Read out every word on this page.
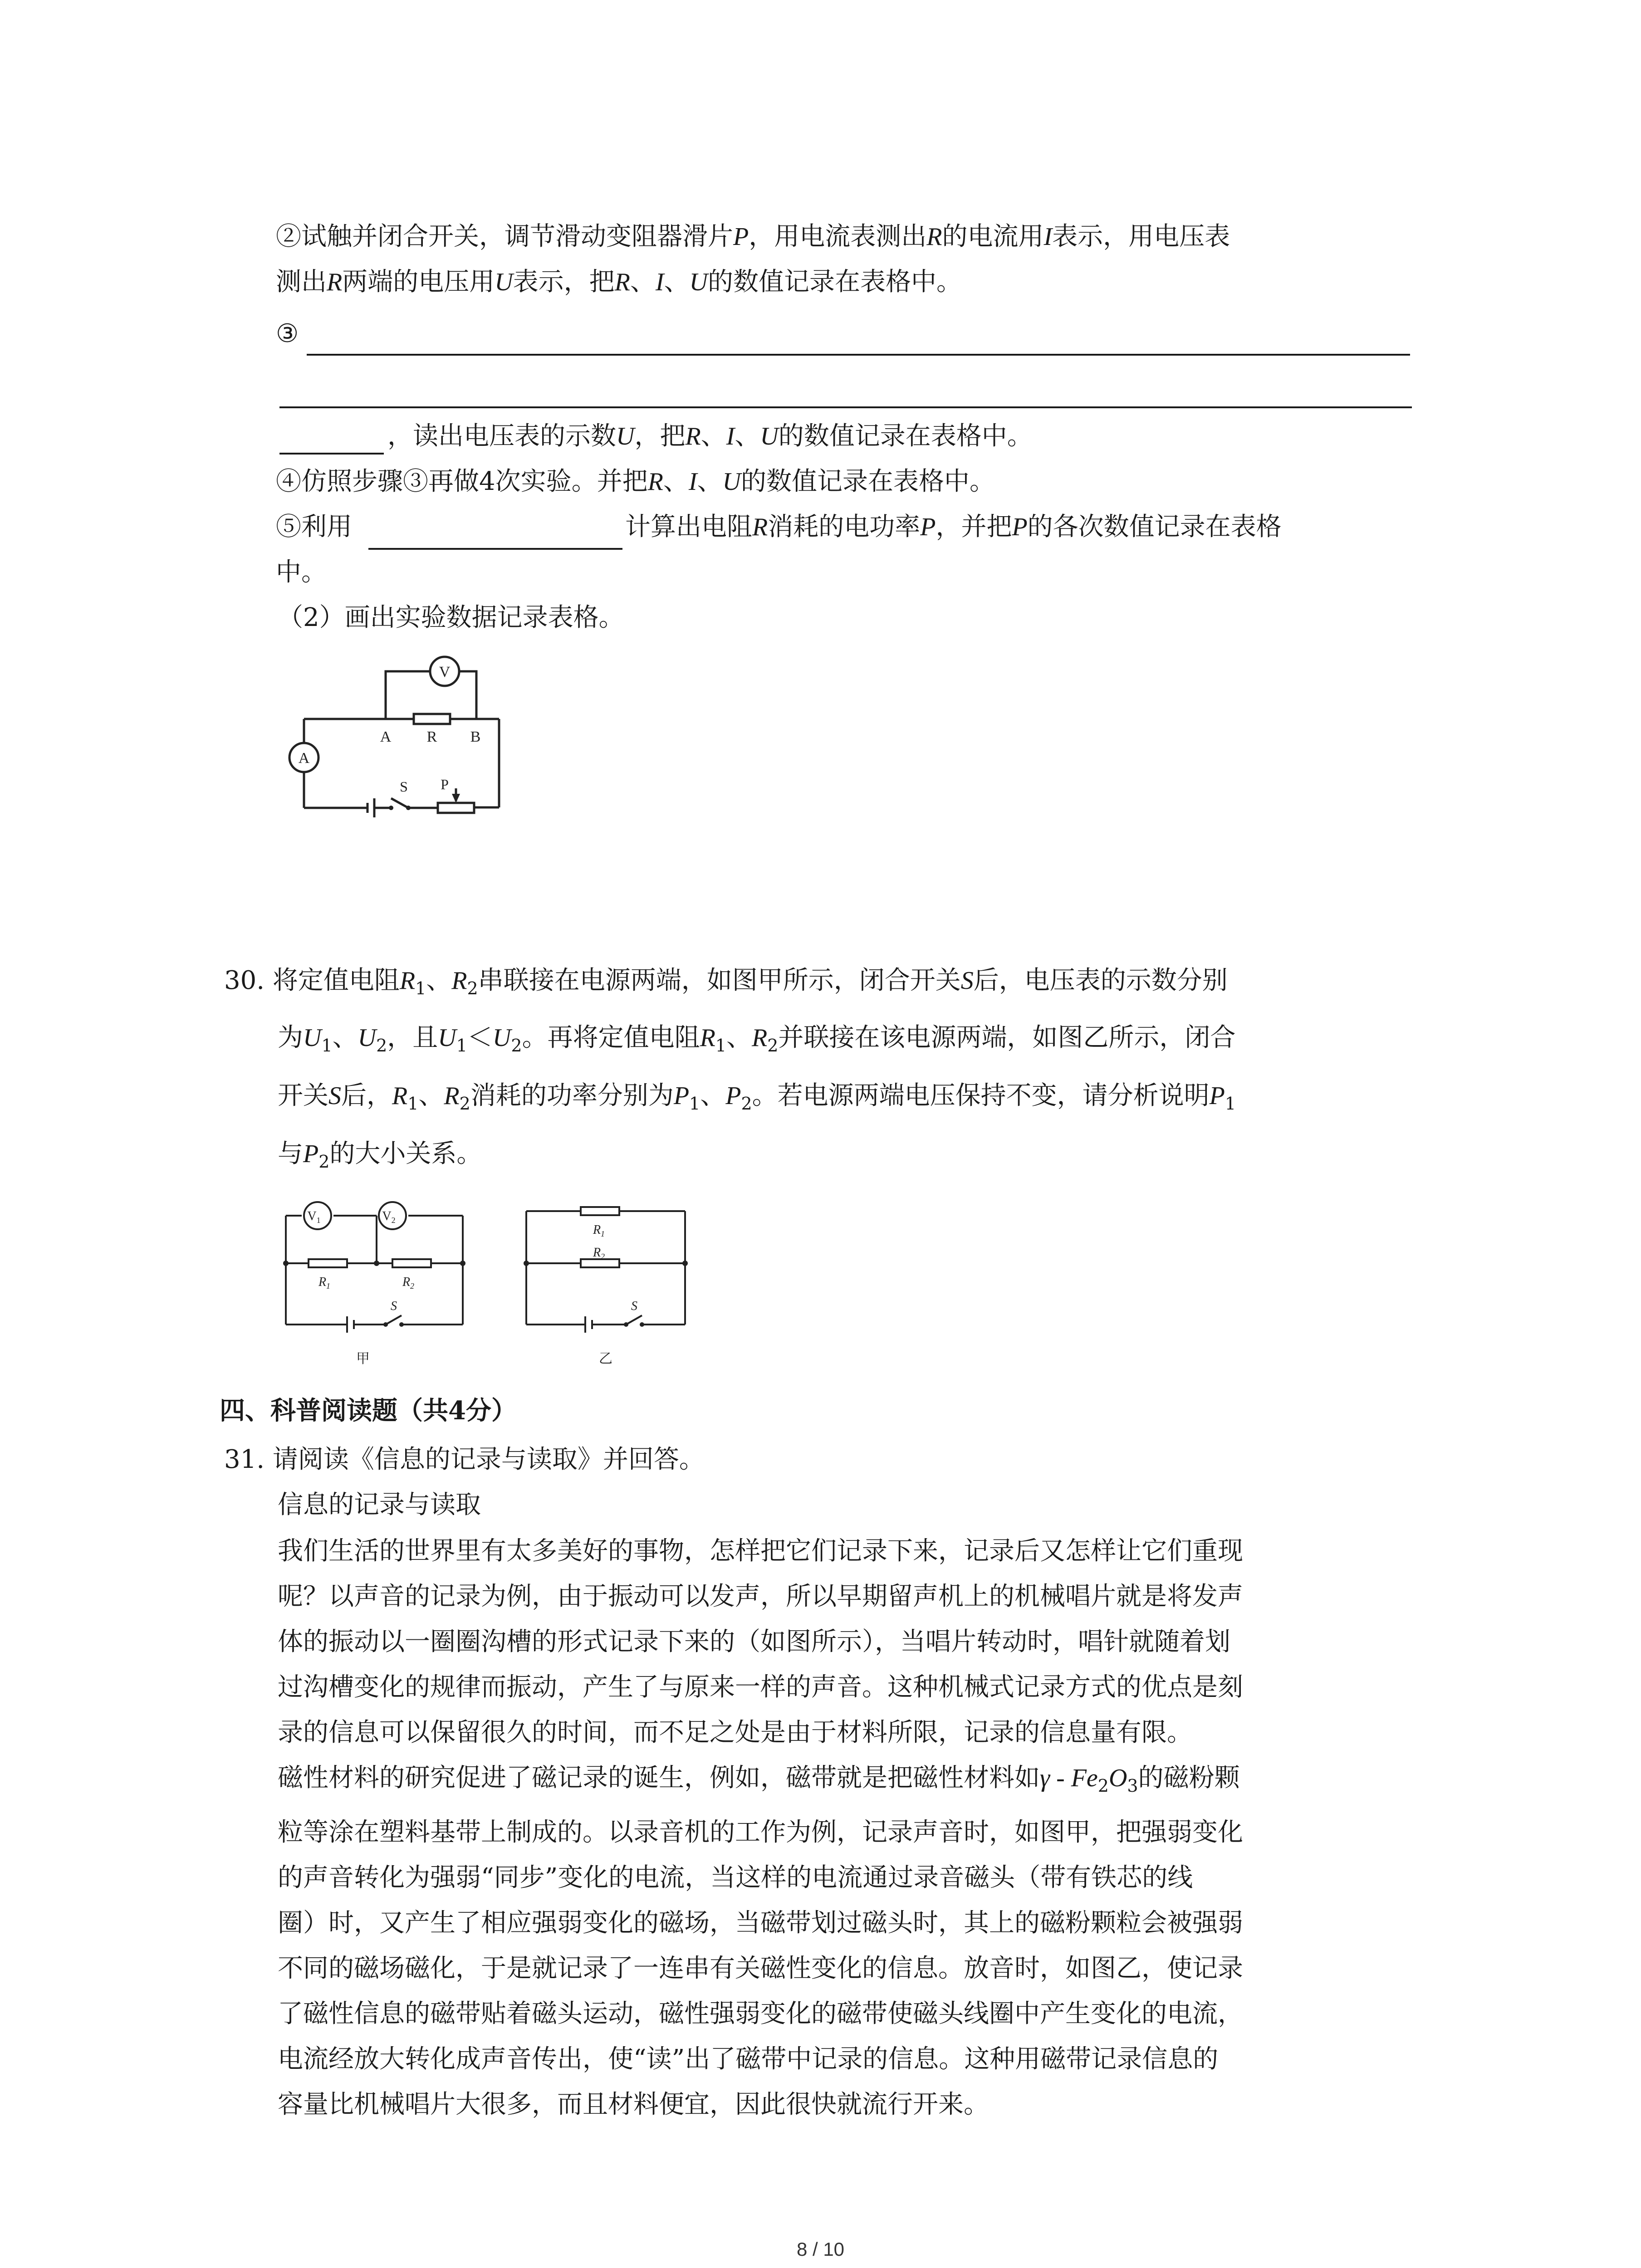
②试触并闭合开关，调节滑动变阻器滑片P，用电流表测出R的电流用I表示，用电压表
测出R两端的电压用U表示，把R、I、U的数值记录在表格中。
③
，读出电压表的示数U，把R、I、U的数值记录在表格中。
④仿照步骤③再做4次实验。并把R、I、U的数值记录在表格中。
⑤利用	计算出电阻R消耗的电功率P，并把P的各次数值记录在表格
中。
（2）画出实验数据记录表格。
V
A
A R B
S P
30. 将定值电阻$R_1$、$R_2$串联接在电源两端，如图甲所示，闭合开关S后，电压表的示数分别
为$U_1$、$U_2$，且$U_1<U_2$。再将定值电阻$R_1$、$R_2$并联接在该电源两端，如图乙所示，闭合
开关S后，$R_1$、$R_2$消耗的功率分别为$P_1$、$P_2$。若电源两端电压保持不变，请分析说明$P_1$
与$P_2$的大小关系。
$V_1$	$V_2$
$R_1$	$R_2$
S
$R_1$
$R_2$
S
甲	乙
四、科普阅读题（共4分）
31. 请阅读《信息的记录与读取》并回答。
信息的记录与读取
我们生活的世界里有太多美好的事物，怎样把它们记录下来，记录后又怎样让它们重现
呢？以声音的记录为例，由于振动可以发声，所以早期留声机上的机械唱片就是将发声
体的振动以一圈圈沟槽的形式记录下来的（如图所示），当唱片转动时，唱针就随着划
过沟槽变化的规律而振动，产生了与原来一样的声音。这种机械式记录方式的优点是刻
录的信息可以保留很久的时间，而不足之处是由于材料所限，记录的信息量有限。
磁性材料的研究促进了磁记录的诞生，例如，磁带就是把磁性材料如γ - $Fe_2O_3$的磁粉颗
粒等涂在塑料基带上制成的。以录音机的工作为例，记录声音时，如图甲，把强弱变化
的声音转化为强弱“同步”变化的电流，当这样的电流通过录音磁头（带有铁芯的线
圈）时，又产生了相应强弱变化的磁场，当磁带划过磁头时，其上的磁粉颗粒会被强弱
不同的磁场磁化，于是就记录了一连串有关磁性变化的信息。放音时，如图乙，使记录
了磁性信息的磁带贴着磁头运动，磁性强弱变化的磁带使磁头线圈中产生变化的电流，
电流经放大转化成声音传出，使“读”出了磁带中记录的信息。这种用磁带记录信息的
容量比机械唱片大很多，而且材料便宜，因此很快就流行开来。
8 / 10
